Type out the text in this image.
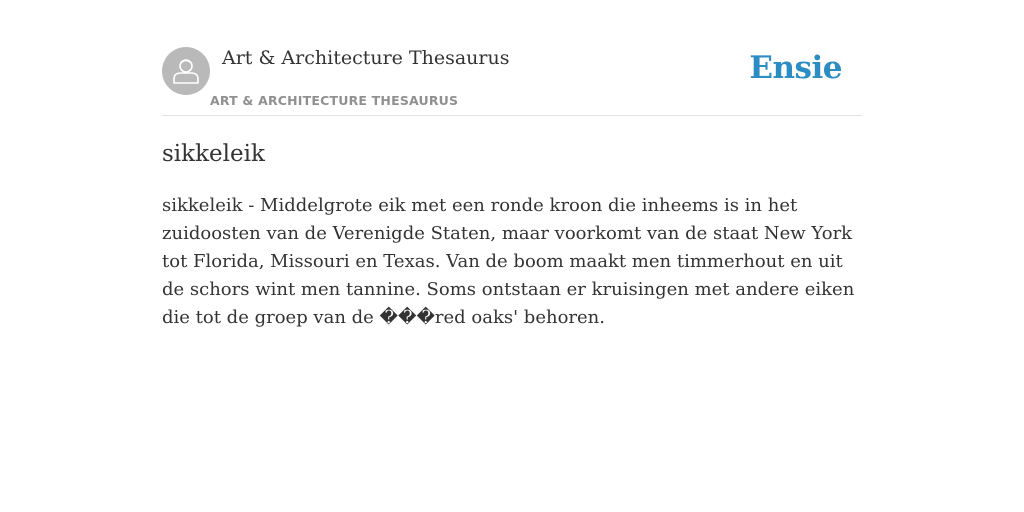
Art & Architecture Thesaurus
ART & ARCHITECTURE THESAURUS
Ensie
sikkeleik

sikkeleik - Middelgrote eik met een ronde kroon die inheems is in het zuidoosten van de Verenigde Staten, maar voorkomt van de staat New York tot Florida, Missouri en Texas. Van de boom maakt men timmerhout en uit de schors wint men tannine. Soms ontstaan er kruisingen met andere eiken die tot de groep van de ���red oaks' behoren.
